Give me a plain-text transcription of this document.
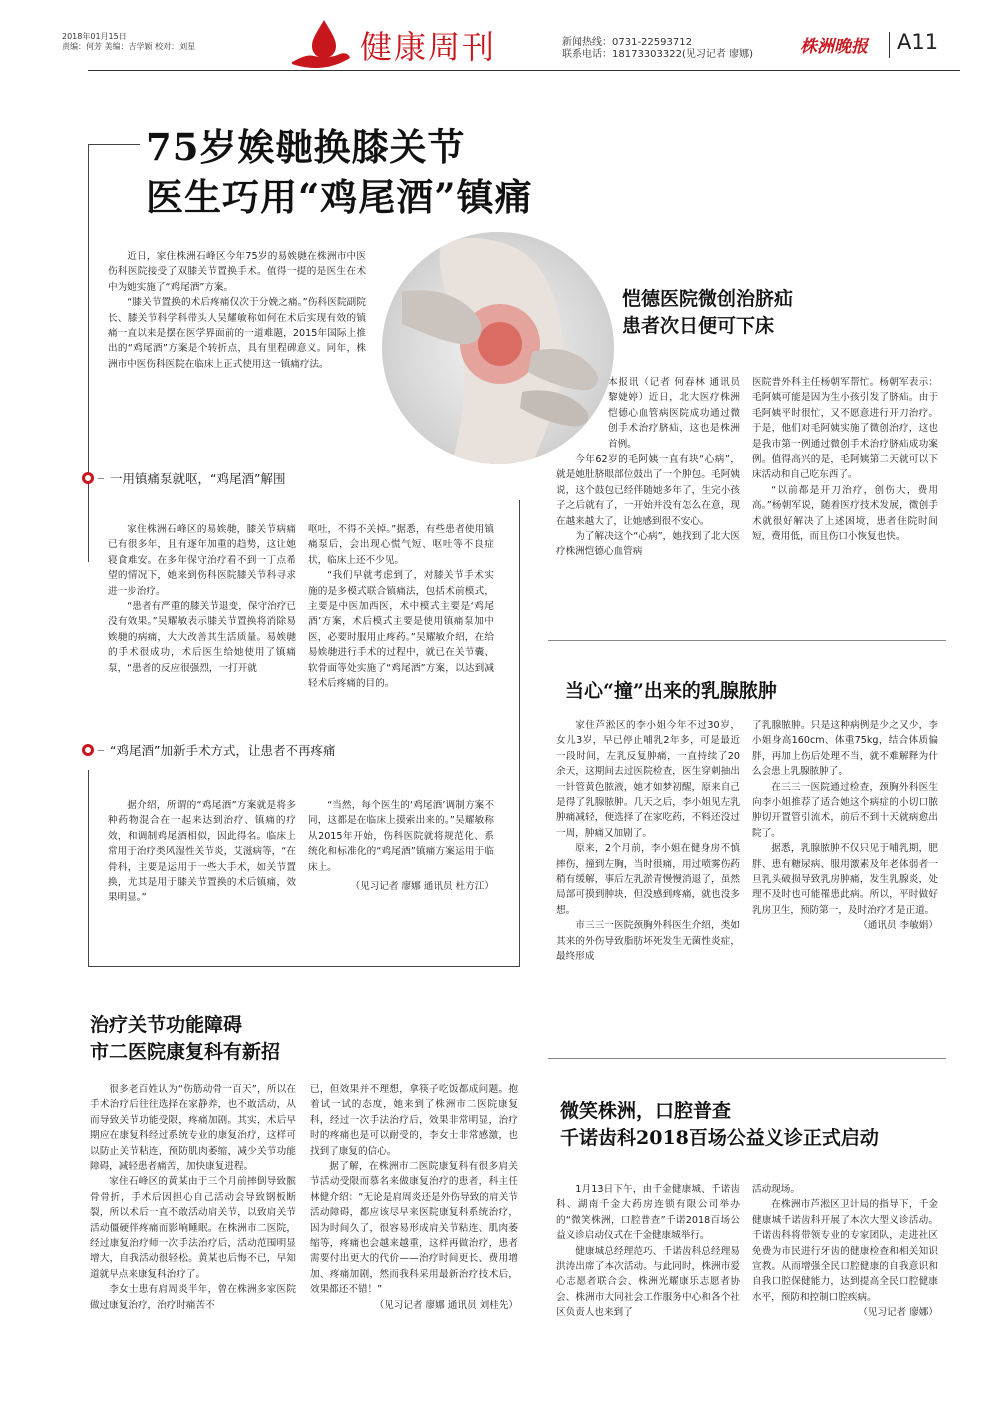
2018年01月15日
责编：何芳 美编：吉学颖 校对：刘星	健康周刊	新闻热线：0731-22593712
联系电话：18173303322(见习记者 廖娜)	株洲晚报 A11
75岁娭毑换膝关节
医生巧用“鸡尾酒”镇痛

近日，家住株洲石峰区今年75岁的易娭毑在株洲市中医伤科医院接受了双膝关节置换手术。值得一提的是医生在术中为她实施了“鸡尾酒”方案。

“膝关节置换的术后疼痛仅次于分娩之痛。”伤科医院副院长、膝关节科学科带头人吴耀敏称如何在术后实现有效的镇痛一直以来是摆在医学界面前的一道难题，2015年国际上推出的“鸡尾酒”方案是个转折点，具有里程碑意义。同年，株洲市中医伤科医院在临床上正式使用这一镇痛疗法。

一用镇痛泵就呕，“鸡尾酒”解围

家住株洲石峰区的易娭毑，膝关节病痛已有很多年，且有逐年加重的趋势，这让她寝食难安。在多年保守治疗看不到一丁点希望的情况下，她来到伤科医院膝关节科寻求进一步治疗。

“患者有严重的膝关节退变，保守治疗已没有效果。”吴耀敏表示膝关节置换将消除易娭毑的病痛，大大改善其生活质量。易娭毑的手术很成功，术后医生给她使用了镇痛泵，“患者的反应很强烈，一打开就

呕吐，不得不关掉。”据悉，有些患者使用镇痛泵后，会出现心慌气短、呕吐等不良症状，临床上还不少见。

“我们早就考虑到了，对膝关节手术实施的是多模式联合镇痛法，包括术前模式，主要是中医加西医，术中模式主要是‘鸡尾酒’方案，术后模式主要是使用镇痛泵加中医，必要时服用止疼药。”吴耀敏介绍，在给易娭毑进行手术的过程中，就已在关节囊、软骨面等处实施了“鸡尾酒”方案，以达到减轻术后疼痛的目的。

“鸡尾酒”加新手术方式，让患者不再疼痛

据介绍，所谓的“鸡尾酒”方案就是将多种药物混合在一起来达到治疗、镇痛的疗效，和调制鸡尾酒相似，因此得名。临床上常用于治疗类风湿性关节炎，艾滋病等，“在骨科，主要是运用于一些大手术，如关节置换，尤其是用于膝关节置换的术后镇痛，效果明显。”

“当然，每个医生的‘鸡尾酒’调制方案不同，这都是在临床上摸索出来的。”吴耀敏称从2015年开始，伤科医院就将规范化、系统化和标准化的“鸡尾酒”镇痛方案运用于临床上。

（见习记者 廖娜 通讯员 杜方江）

恺德医院微创治脐疝
患者次日便可下床

本报讯（记者 何春林 通讯员 黎婕婷）近日，北大医疗株洲恺德心血管病医院成功通过微创手术治疗脐疝，这也是株洲首例。

今年62岁的毛阿姨一直有块“心病”，就是她肚脐眼部位鼓出了一个肿包。毛阿姨说，这个鼓包已经伴随她多年了，生完小孩子之后就有了，一开始并没有怎么在意，现在越来越大了，让她感到很不安心。

为了解决这个“心病”，她找到了北大医疗株洲恺德心血管病

医院普外科主任杨朝军帮忙。杨朝军表示：毛阿姨可能是因为生小孩引发了脐疝。由于毛阿姨平时很忙，又不愿意进行开刀治疗。于是，他们对毛阿姨实施了微创治疗，这也是我市第一例通过微创手术治疗脐疝成功案例。值得高兴的是，毛阿姨第二天就可以下床活动和自己吃东西了。

“以前都是开刀治疗，创伤大，费用高。”杨朝军说，随着医疗技术发展，微创手术就很好解决了上述困境，患者住院时间短，费用低，而且伤口小恢复也快。

当心“撞”出来的乳腺脓肿

家住芦淞区的李小姐今年不过30岁，女儿3岁，早已停止哺乳2年多，可是最近一段时间，左乳反复肿痛，一直持续了20余天，这期间去过医院检查，医生穿刺抽出一针管黄色脓液，她才如梦初醒，原来自己是得了乳腺脓肿。几天之后，李小姐见左乳肿痛减轻，便选择了在家吃药，不料还没过一周，肿痛又加剧了。

原来，2个月前，李小姐在健身房不慎摔伤，撞到左胸，当时很痛，用过喷雾伤药稍有缓解，事后左乳淤青慢慢消退了，虽然局部可摸到肿块，但没感到疼痛，就也没多想。

市三三一医院颈胸外科医生介绍，类如其来的外伤导致脂肪坏死发生无菌性炎症，最终形成

了乳腺脓肿。只是这种病例是少之又少，李小姐身高160cm、体重75kg，结合体质偏胖，再加上伤后处理不当，就不难解释为什么会患上乳腺脓肿了。

在三三一医院通过检查，颈胸外科医生向李小姐推荐了适合她这个病症的小切口脓肿切开置管引流术，前后不到十天就病愈出院了。

据悉，乳腺脓肿不仅只见于哺乳期，肥胖、患有糖尿病、服用激素及年老体弱者一旦乳头破损导致乳房肿痛，发生乳腺炎，处理不及时也可能罹患此病。所以，平时做好乳房卫生，预防第一，及时治疗才是正道。

（通讯员 李敏娟）

治疗关节功能障碍
市二医院康复科有新招

很多老百姓认为“伤筋动骨一百天”，所以在手术治疗后往往选择在家静养，也不敢活动，从而导致关节功能受限，疼痛加剧。其实，术后早期应在康复科经过系统专业的康复治疗，这样可以防止关节粘连，预防肌肉萎缩，减少关节功能障碍，减轻患者痛苦，加快康复进程。

家住石峰区的黄某由于三个月前摔倒导致髌骨骨折，手术后因担心自己活动会导致钢板断裂，所以术后一直不敢活动肩关节，以致肩关节活动僵硬伴疼痛而影响睡眠。在株洲市二医院，经过康复治疗师一次手法治疗后，活动范围明显增大，自我活动很轻松。黄某也后悔不已，早知道就早点来康复科治疗了。

李女士患有肩周炎半年，曾在株洲多家医院做过康复治疗，治疗时痛苦不

已，但效果并不理想，拿筷子吃饭都成问题。抱着试一试的态度，她来到了株洲市二医院康复科，经过一次手法治疗后，效果非常明显，治疗时的疼痛也是可以耐受的，李女士非常感激，也找到了康复的信心。

据了解，在株洲市二医院康复科有很多肩关节活动受限而慕名来做康复治疗的患者，科主任林健介绍：“无论是肩周炎还是外伤导致的肩关节活动障碍，都应该尽早来医院康复科系统治疗，因为时间久了，很容易形成肩关节粘连、肌肉萎缩等，疼痛也会越来越重，这样再做治疗，患者需要付出更大的代价——治疗时间更长、费用增加、疼痛加剧，然而我科采用最新治疗技术后，效果都还不错！”

（见习记者 廖娜 通讯员 刘桂先）

微笑株洲，口腔普查
千诺齿科2018百场公益义诊正式启动

1月13日下午，由千金健康城、千诺齿科、湖南千金大药房连锁有限公司举办的“微笑株洲，口腔普查”千诺2018百场公益义诊启动仪式在千金健康城举行。

健康城总经理范巧、千诺齿科总经理易洪涛出席了本次活动。与此同时，株洲市爱心志愿者联合会、株洲光耀康乐志愿者协会、株洲市大同社会工作服务中心和各个社区负责人也来到了

活动现场。

在株洲市芦淞区卫计局的指导下，千金健康城千诺齿科开展了本次大型义诊活动。千诺齿科将带领专业的专家团队，走进社区免费为市民进行牙齿的健康检查和相关知识宣教。从而增强全民口腔健康的自我意识和自我口腔保健能力，达到提高全民口腔健康水平，预防和控制口腔疾病。

（见习记者 廖娜）
